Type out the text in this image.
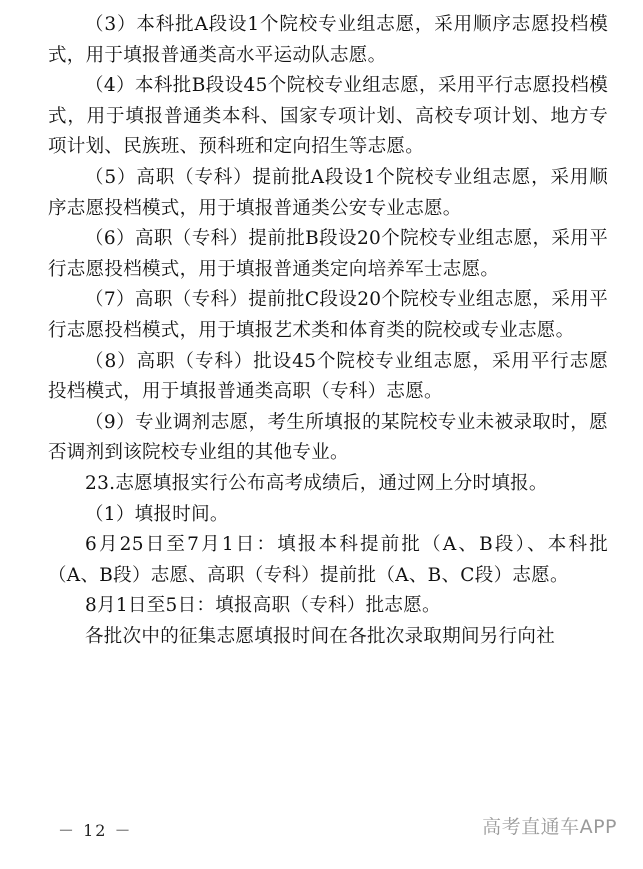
（3）本科批A段设1个院校专业组志愿，采用顺序志愿投档模式，用于填报普通类高水平运动队志愿。

（4）本科批B段设45个院校专业组志愿，采用平行志愿投档模式，用于填报普通类本科、国家专项计划、高校专项计划、地方专项计划、民族班、预科班和定向招生等志愿。

（5）高职（专科）提前批A段设1个院校专业组志愿，采用顺序志愿投档模式，用于填报普通类公安专业志愿。

（6）高职（专科）提前批B段设20个院校专业组志愿，采用平行志愿投档模式，用于填报普通类定向培养军士志愿。

（7）高职（专科）提前批C段设20个院校专业组志愿，采用平行志愿投档模式，用于填报艺术类和体育类的院校或专业志愿。

（8）高职（专科）批设45个院校专业组志愿，采用平行志愿投档模式，用于填报普通类高职（专科）志愿。

（9）专业调剂志愿，考生所填报的某院校专业未被录取时，愿否调剂到该院校专业组的其他专业。

23.志愿填报实行公布高考成绩后，通过网上分时填报。

（1）填报时间。

6月25日至7月1日：填报本科提前批（A、B段）、本科批（A、B段）志愿、高职（专科）提前批（A、B、C段）志愿。

8月1日至5日：填报高职（专科）批志愿。

各批次中的征集志愿填报时间在各批次录取期间另行向社

－ 12 －	高考直通车APP
